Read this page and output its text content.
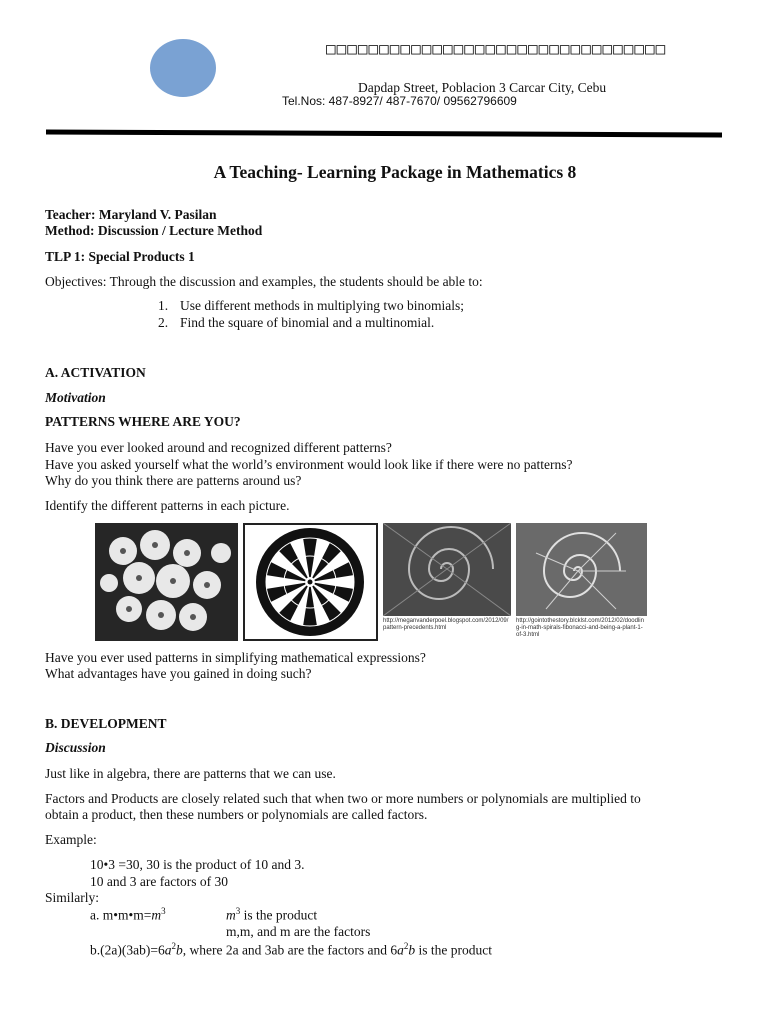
□□□□□□□□□□□□□□□□□□□□□□□□□□□□□□□□
Dapdap Street, Poblacion 3 Carcar City, Cebu
Tel.Nos: 487-8927/ 487-7670/ 09562796609
A Teaching- Learning Package in Mathematics 8
Teacher: Maryland V. Pasilan
Method: Discussion / Lecture Method
TLP 1: Special Products 1
Objectives: Through the discussion and examples, the students should be able to:
1. Use different methods in multiplying two binomials;
2. Find the square of binomial and a multinomial.
A. ACTIVATION
Motivation
PATTERNS WHERE ARE YOU?
Have you ever looked around and recognized different patterns?
Have you asked yourself what the world’s environment would look like if there were no patterns?
Why do you think there are patterns around us?
Identify the different patterns in each picture.
http://meganvanderpoel.blogspot.com/2012/09/pattern-precedents.html
http://gointothestory.blcklst.com/2012/02/doodling-in-math-spirals-fibonacci-and-being-a-plant-1-of-3.html
Have you ever used patterns in simplifying mathematical expressions?
What advantages have you gained in doing such?
B. DEVELOPMENT
Discussion
Just like in algebra, there are patterns that we can use.
Factors and Products are closely related such that when two or more numbers or polynomials are multiplied to
obtain a product, then these numbers or polynomials are called factors.
Example:
10•3 =30, 30 is the product of 10 and 3.
10 and 3 are factors of 30
Similarly:
a. $m•m•m=m^3$	$m^3$ is the product
m,m, and m are the factors
$b.(2a)(3ab)=6a^2b$, where 2a and 3ab are the factors and $6a^2b$ is the product
